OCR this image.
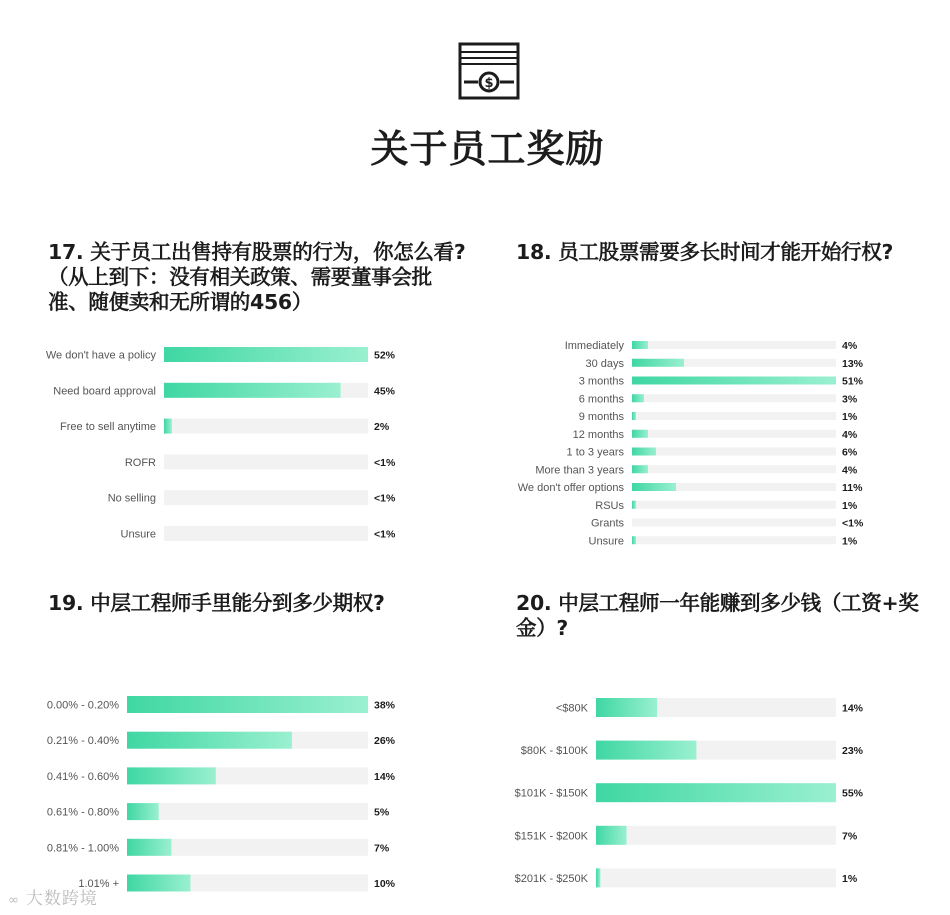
$
关于员工奖励
17. 关于员工出售持有股票的行为，你怎么看?（从上到下：没有相关政策、需要董事会批准、随便卖和无所谓的456）
18. 员工股票需要多长时间才能开始行权?
19. 中层工程师手里能分到多少期权?	20. 中层工程师一年能赚到多少钱（工资+奖金）?
We don't have a policy	52%
Need board approval	45%
Free to sell anytime	2%
ROFR	<1%
No selling	<1%
Unsure	<1%
Immediately	4%
30 days	13%
3 months	51%
6 months	3%
9 months	1%
12 months	4%
1 to 3 years	6%
More than 3 years	4%
We don't offer options	11%
RSUs	1%
Grants	<1%
Unsure	1%
0.00% - 0.20%	38%
0.21% - 0.40%	26%
0.41% - 0.60%	14%
0.61% - 0.80%	5%
0.81% - 1.00%	7%
1.01% +	10%
<$80K	14%
$80K - $100K	23%
$101K - $150K	55%
$151K - $200K	7%
$201K - $250K	1%
∞ 大数跨境
